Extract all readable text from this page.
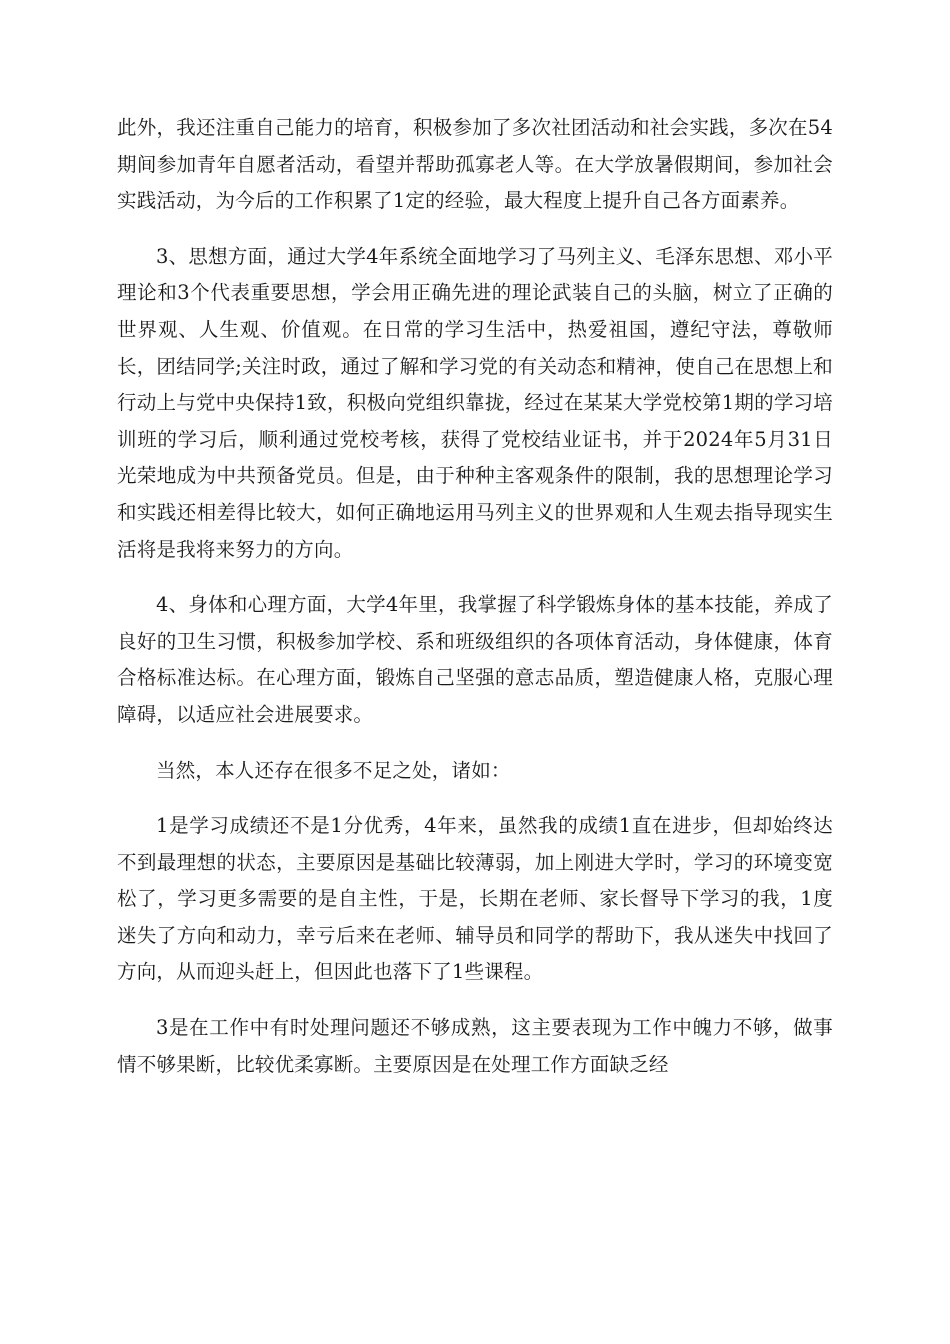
此外，我还注重自己能力的培育，积极参加了多次社团活动和社会实践，多次在54期间参加青年自愿者活动，看望并帮助孤寡老人等。在大学放暑假期间，参加社会实践活动，为今后的工作积累了1定的经验，最大程度上提升自己各方面素养。

3、思想方面，通过大学4年系统全面地学习了马列主义、毛泽东思想、邓小平理论和3个代表重要思想，学会用正确先进的理论武装自己的头脑，树立了正确的世界观、人生观、价值观。在日常的学习生活中，热爱祖国，遵纪守法，尊敬师长，团结同学;关注时政，通过了解和学习党的有关动态和精神，使自己在思想上和行动上与党中央保持1致，积极向党组织靠拢，经过在某某大学党校第1期的学习培训班的学习后，顺利通过党校考核，获得了党校结业证书，并于2024年5月31日光荣地成为中共预备党员。但是，由于种种主客观条件的限制，我的思想理论学习和实践还相差得比较大，如何正确地运用马列主义的世界观和人生观去指导现实生活将是我将来努力的方向。

4、身体和心理方面，大学4年里，我掌握了科学锻炼身体的基本技能，养成了良好的卫生习惯，积极参加学校、系和班级组织的各项体育活动，身体健康，体育合格标准达标。在心理方面，锻炼自己坚强的意志品质，塑造健康人格，克服心理障碍，以适应社会进展要求。

当然，本人还存在很多不足之处，诸如：

1是学习成绩还不是1分优秀，4年来，虽然我的成绩1直在进步，但却始终达不到最理想的状态，主要原因是基础比较薄弱，加上刚进大学时，学习的环境变宽松了，学习更多需要的是自主性，于是，长期在老师、家长督导下学习的我，1度迷失了方向和动力，幸亏后来在老师、辅导员和同学的帮助下，我从迷失中找回了方向，从而迎头赶上，但因此也落下了1些课程。

3是在工作中有时处理问题还不够成熟，这主要表现为工作中魄力不够，做事情不够果断，比较优柔寡断。主要原因是在处理工作方面缺乏经
